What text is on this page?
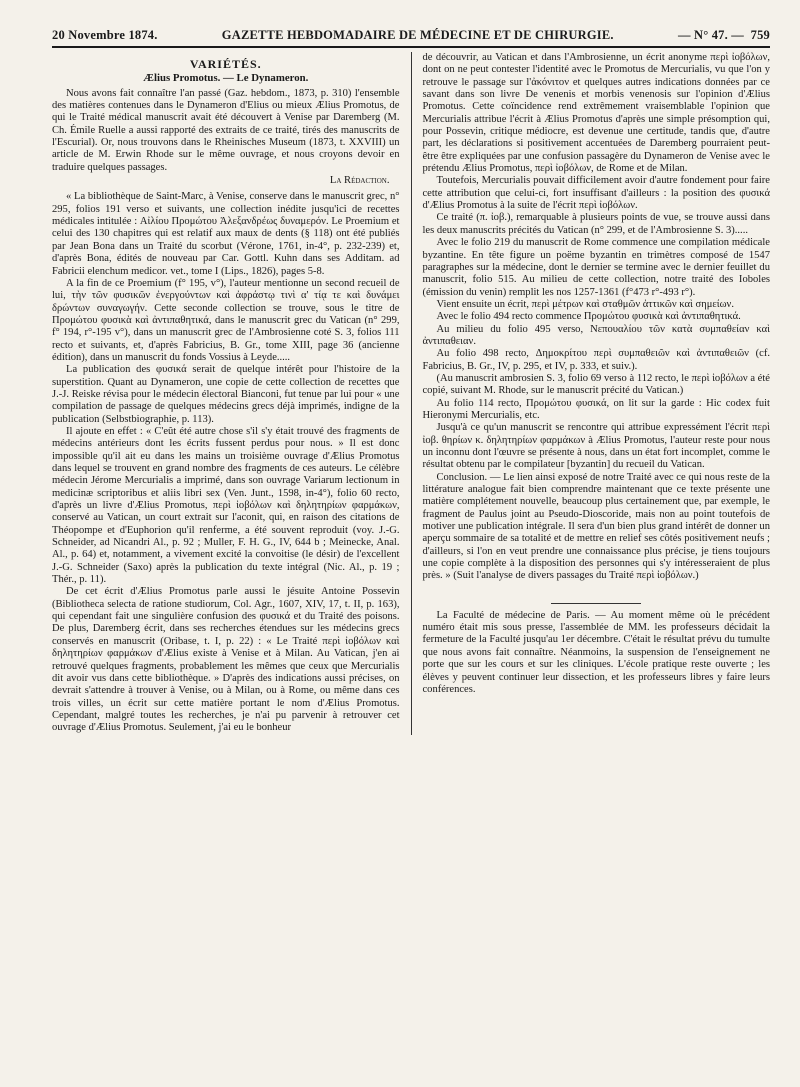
20 Novembre 1874.	GAZETTE HEBDOMADAIRE DE MÉDECINE ET DE CHIRURGIE.	— N° 47. — 759
VARIÉTÉS.
Ælius Promotus. — Le Dynameron.

Nous avons fait connaître l'an passé (Gaz. hebdom., 1873, p. 310) l'ensemble des matières contenues dans le Dynameron d'Elius ou mieux Ælius Promotus, de qui le Traité médical manuscrit avait été découvert à Venise par Daremberg (M. Ch. Émile Ruelle a aussi rapporté des extraits de ce traité, tirés des manuscrits de l'Escurial). Or, nous trouvons dans le Rheinisches Museum (1873, t. XXVIII) un article de M. Erwin Rhode sur le même ouvrage, et nous croyons devoir en traduire quelques passages.

La Rédaction.

« La bibliothèque de Saint-Marc, à Venise, conserve dans le manuscrit grec, n° 295, folios 191 verso et suivants, une collection inédite jusqu'ici de recettes médicales intitulée : Αἰλίου Προμώτου Ἀλεξανδρέως δυναμερόν. Le Proemium et celui des 130 chapitres qui est relatif aux maux de dents (§ 118) ont été publiés par Jean Bona dans un Traité du scorbut (Vérone, 1761, in-4°, p. 232-239) et, d'après Bona, édités de nouveau par Car. Gottl. Kuhn dans ses Additam. ad Fabricii elenchum medicor. vet., tome I (Lips., 1826), pages 5-8.

A la fin de ce Proemium (f° 195, v°), l'auteur mentionne un second recueil de lui, τὴν τῶν φυσικῶν ἐνεργούντων καὶ ἀφράστῳ τινὶ α' τίᾳ τε καὶ δυνάμει δρώντων συναγωγήν. Cette seconde collection se trouve, sous le titre de Προμώτου φυσικὰ καὶ ἀντιπαθητικά, dans le manuscrit grec du Vatican (n° 299, f° 194, r°-195 v°), dans un manuscrit grec de l'Ambrosienne coté S. 3, folios 111 recto et suivants, et, d'après Fabricius, B. Gr., tome XIII, page 36 (ancienne édition), dans un manuscrit du fonds Vossius à Leyde.....

La publication des φυσικά serait de quelque intérêt pour l'histoire de la superstition. Quant au Dynameron, une copie de cette collection de recettes que J.-J. Reiske révisa pour le médecin électoral Bianconi, fut tenue par lui pour « une compilation de passage de quelques médecins grecs déjà imprimés, indigne de la publication (Selbstbiographie, p. 113).

Il ajoute en effet : « C'eût été autre chose s'il s'y était trouvé des fragments de médecins antérieurs dont les écrits fussent perdus pour nous. » Il est donc impossible qu'il ait eu dans les mains un troisième ouvrage d'Ælius Promotus dans lequel se trouvent en grand nombre des fragments de ces auteurs. Le célèbre médecin Jérome Mercurialis a imprimé, dans son ouvrage Variarum lectionum in medicinæ scriptoribus et aliis libri sex (Ven. Junt., 1598, in-4°), folio 60 recto, d'après un livre d'Ælius Promotus, περὶ ἰοβόλων καὶ δηλητηρίων φαρμάκων, conservé au Vatican, un court extrait sur l'aconit, qui, en raison des citations de Théopompe et d'Euphorion qu'il renferme, a été souvent reproduit (voy. J.-G. Schneider, ad Nicandri Al., p. 92 ; Muller, F. H. G., IV, 644 b ; Meinecke, Anal. Al., p. 64) et, notamment, a vivement excité la convoitise (le désir) de l'excellent J.-G. Schneider (Saxo) après la publication du texte intégral (Nic. Al., p. 19 ; Thér., p. 11).

De cet écrit d'Ælius Promotus parle aussi le jésuite Antoine Possevin (Bibliotheca selecta de ratione studiorum, Col. Agr., 1607, XIV, 17, t. II, p. 163), qui cependant fait une singulière confusion des φυσικά et du Traité des poisons. De plus, Daremberg écrit, dans ses recherches étendues sur les médecins grecs conservés en manuscrit (Oribase, t. I, p. 22) : « Le Traité περὶ ἰοβόλων καὶ δηλητηρίων φαρμάκων d'Ælius existe à Venise et à Milan. Au Vatican, j'en ai retrouvé quelques fragments, probablement les mêmes que ceux que Mercurialis dit avoir vus dans cette bibliothèque. » D'après des indications aussi précises, on devrait s'attendre à trouver à Venise, ou à Milan, ou à Rome, ou même dans ces trois villes, un écrit sur cette matière portant le nom d'Ælius Promotus. Cependant, malgré toutes les recherches, je n'ai pu parvenir à retrouver cet ouvrage d'Ælius Promotus. Seulement, j'ai eu le bonheur

de découvrir, au Vatican et dans l'Ambrosienne, un écrit anonyme περὶ ἰοβόλων, dont on ne peut contester l'identité avec le Promotus de Mercurialis, vu que l'on y retrouve le passage sur l'ἀκόνιτον et quelques autres indications données par ce savant dans son livre De venenis et morbis venenosis sur l'opinion d'Ælius Promotus. Cette coïncidence rend extrêmement vraisemblable l'opinion que Mercurialis attribue l'écrit à Ælius Promotus d'après une simple présomption qui, pour Possevin, critique médiocre, est devenue une certitude, tandis que, d'autre part, les déclarations si positivement accentuées de Daremberg pourraient peut-être être expliquées par une confusion passagère du Dynameron de Venise avec le prétendu Ælius Promotus, περὶ ἰοβόλων, de Rome et de Milan.

Toutefois, Mercurialis pouvait difficilement avoir d'autre fondement pour faire cette attribution que celui-ci, fort insuffisant d'ailleurs : la position des φυσικά d'Ælius Promotus à la suite de l'écrit περὶ ἰοβόλων.

Ce traité (π. ἰοβ.), remarquable à plusieurs points de vue, se trouve aussi dans les deux manuscrits précités du Vatican (n° 299, et de l'Ambrosienne S. 3).....

Avec le folio 219 du manuscrit de Rome commence une compilation médicale byzantine. En tête figure un poëme byzantin en trimètres composé de 1547 paragraphes sur la médecine, dont le dernier se termine avec le dernier feuillet du manuscrit, folio 515. Au milieu de cette collection, notre traité des Ioboles (émission du venin) remplit les nos 1257-1361 (f°473 r°-493 r°).

Vient ensuite un écrit, περὶ μέτρων καὶ σταθμῶν ἀττικῶν καὶ σημείων.

Avec le folio 494 recto commence Προμώτου φυσικὰ καὶ ἀντιπαθητικά.

Au milieu du folio 495 verso, Νεπουαλίου τῶν κατὰ συμπαθείαν καὶ ἀντιπαθειαν.

Au folio 498 recto, Δημοκρίτου περὶ συμπαθειῶν καὶ ἀντιπαθειῶν (cf. Fabricius, B. Gr., IV, p. 295, et IV, p. 333, et suiv.).

(Au manuscrit ambrosien S. 3, folio 69 verso à 112 recto, le περὶ ἰοβόλων a été copié, suivant M. Rhode, sur le manuscrit précité du Vatican.)

Au folio 114 recto, Προμώτου φυσικά, on lit sur la garde : Hic codex fuit Hieronymi Mercurialis, etc.

Jusqu'à ce qu'un manuscrit se rencontre qui attribue expressément l'écrit περὶ ἰοβ. θηρίων κ. δηλητηρίων φαρμάκων à Ælius Promotus, l'auteur reste pour nous un inconnu dont l'œuvre se présente à nous, dans un état fort incomplet, comme le résultat obtenu par le compilateur [byzantin] du recueil du Vatican.

Conclusion. — Le lien ainsi exposé de notre Traité avec ce qui nous reste de la littérature analogue fait bien comprendre maintenant que ce texte présente une matière complétement nouvelle, beaucoup plus certainement que, par exemple, le fragment de Paulus joint au Pseudo-Dioscoride, mais non au point toutefois de motiver une publication intégrale. Il sera d'un bien plus grand intérêt de donner un aperçu sommaire de sa totalité et de mettre en relief ses côtés positivement neufs ; d'ailleurs, si l'on en veut prendre une connaissance plus précise, je tiens toujours une copie complète à la disposition des personnes qui s'y intéresseraient de plus près. » (Suit l'analyse de divers passages du Traité περὶ ἰοβόλων.)

La Faculté de médecine de Paris. — Au moment même où le précédent numéro était mis sous presse, l'assemblée de MM. les professeurs décidait la fermeture de la Faculté jusqu'au 1er décembre. C'était le résultat prévu du tumulte que nous avons fait connaître. Néanmoins, la suspension de l'enseignement ne porte que sur les cours et sur les cliniques. L'école pratique reste ouverte ; les élèves y peuvent continuer leur dissection, et les professeurs libres y faire leurs conférences.
